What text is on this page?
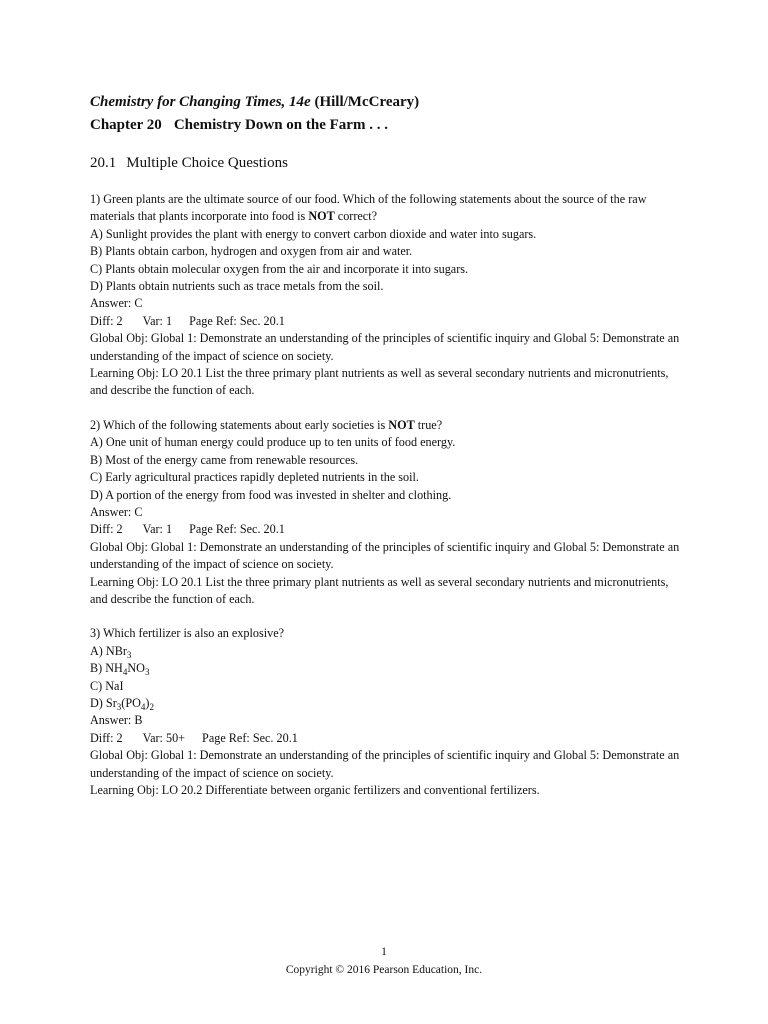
Chemistry for Changing Times, 14e (Hill/McCreary)
Chapter 20 Chemistry Down on the Farm . . .
20.1 Multiple Choice Questions

1) Green plants are the ultimate source of our food. Which of the following statements about the source of the raw materials that plants incorporate into food is NOT correct?

A) Sunlight provides the plant with energy to convert carbon dioxide and water into sugars.

B) Plants obtain carbon, hydrogen and oxygen from air and water.

C) Plants obtain molecular oxygen from the air and incorporate it into sugars.

D) Plants obtain nutrients such as trace metals from the soil.

Answer: C

Diff: 2 Var: 1 Page Ref: Sec. 20.1

Global Obj: Global 1: Demonstrate an understanding of the principles of scientific inquiry and Global 5: Demonstrate an understanding of the impact of science on society.

Learning Obj: LO 20.1 List the three primary plant nutrients as well as several secondary nutrients and micronutrients, and describe the function of each.

2) Which of the following statements about early societies is NOT true?

A) One unit of human energy could produce up to ten units of food energy.

B) Most of the energy came from renewable resources.

C) Early agricultural practices rapidly depleted nutrients in the soil.

D) A portion of the energy from food was invested in shelter and clothing.

Answer: C

Diff: 2 Var: 1 Page Ref: Sec. 20.1

Global Obj: Global 1: Demonstrate an understanding of the principles of scientific inquiry and Global 5: Demonstrate an understanding of the impact of science on society.

Learning Obj: LO 20.1 List the three primary plant nutrients as well as several secondary nutrients and micronutrients, and describe the function of each.

3) Which fertilizer is also an explosive?

A) NBr$_3$

B) $NH_4NO_3$

C) NaI

D) $Sr_3(PO_4)_2$

Answer: B

Diff: 2 Var: 50+ Page Ref: Sec. 20.1

Global Obj: Global 1: Demonstrate an understanding of the principles of scientific inquiry and Global 5: Demonstrate an understanding of the impact of science on society.

Learning Obj: LO 20.2 Differentiate between organic fertilizers and conventional fertilizers.

1
Copyright © 2016 Pearson Education, Inc.
